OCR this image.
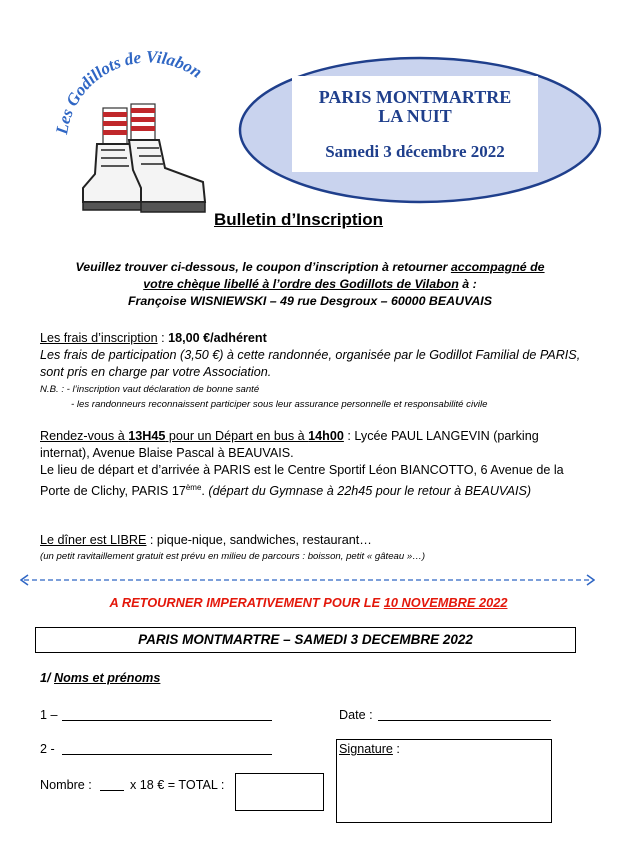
es Godillots de Vilabon
PARIS MONTMARTRE
LA NUIT
Samedi 3 décembre 2022
Bulletin d’Inscription
Veuillez trouver ci-dessous, le coupon d’inscription à retourner accompagné de
votre chèque libellé à l’ordre des Godillots de Vilabon à :
Françoise WISNIEWSKI – 49 rue Desgroux – 60000 BEAUVAIS
Les frais d’inscription : 18,00 €/adhérent
Les frais de participation (3,50 €) à cette randonnée, organisée par le Godillot Familial de PARIS, sont pris en charge par votre Association.
N.B. : - l’inscription vaut déclaration de bonne santé
- les randonneurs reconnaissent participer sous leur assurance personnelle et responsabilité civile
Rendez-vous à 13H45 pour un Départ en bus à 14h00 : Lycée PAUL LANGEVIN (parking internat), Avenue Blaise Pascal à BEAUVAIS.
Le lieu de départ et d’arrivée à PARIS est le Centre Sportif Léon BIANCOTTO, 6 Avenue de la Porte de Clichy, PARIS 17ème. (départ du Gymnase à 22h45 pour le retour à BEAUVAIS)
Le dîner est LIBRE : pique-nique, sandwiches, restaurant…
(un petit ravitaillement gratuit est prévu en milieu de parcours : boisson, petit « gâteau »…)
A RETOURNER IMPERATIVEMENT POUR LE 10 NOVEMBRE 2022
PARIS MONTMARTRE – SAMEDI 3 DECEMBRE 2022
1/ Noms et prénoms
1 –	Date :
2 -	Signature :
Nombre :	x 18 € = TOTAL :
